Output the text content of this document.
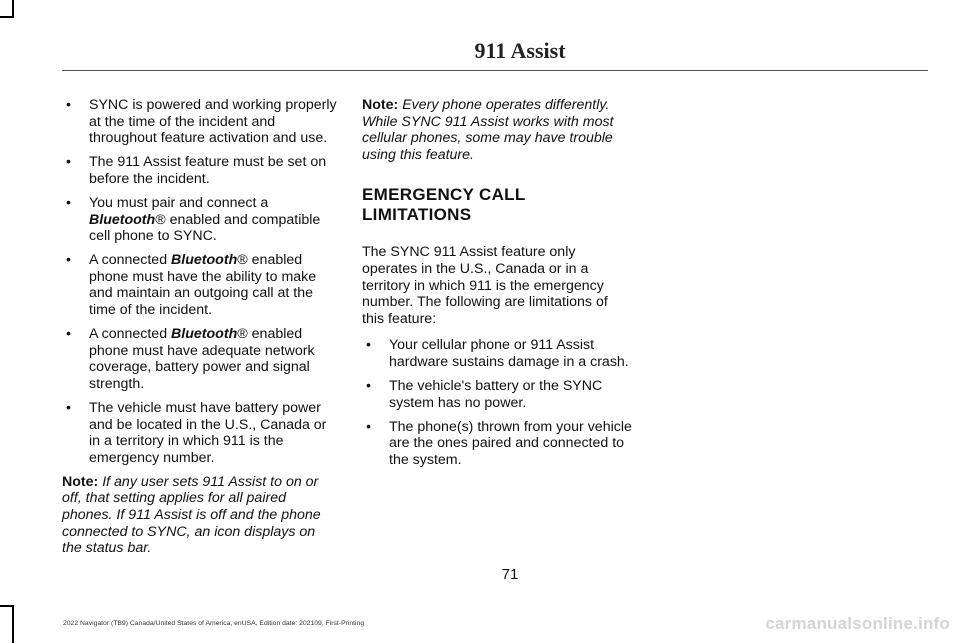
911 Assist
• SYNC is powered and working properly at the time of the incident and throughout feature activation and use.
• The 911 Assist feature must be set on before the incident.
• You must pair and connect a Bluetooth® enabled and compatible cell phone to SYNC.
• A connected Bluetooth® enabled phone must have the ability to make and maintain an outgoing call at the time of the incident.
• A connected Bluetooth® enabled phone must have adequate network coverage, battery power and signal strength.
• The vehicle must have battery power and be located in the U.S., Canada or in a territory in which 911 is the emergency number.
Note: If any user sets 911 Assist to on or off, that setting applies for all paired phones. If 911 Assist is off and the phone connected to SYNC, an icon displays on the status bar.
Note: Every phone operates differently. While SYNC 911 Assist works with most cellular phones, some may have trouble using this feature.
EMERGENCY CALL LIMITATIONS
The SYNC 911 Assist feature only operates in the U.S., Canada or in a territory in which 911 is the emergency number. The following are limitations of this feature:
• Your cellular phone or 911 Assist hardware sustains damage in a crash.
• The vehicle's battery or the SYNC system has no power.
• The phone(s) thrown from your vehicle are the ones paired and connected to the system.
71
2022 Navigator (TB9) Canada/United States of America, enUSA, Edition date: 202109, First-Printing	carmanualsonline.info
